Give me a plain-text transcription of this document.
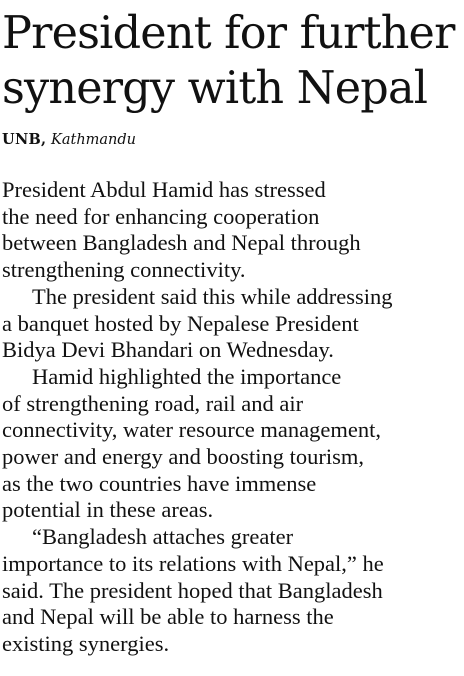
President for further
synergy with Nepal
UNB, Kathmandu
President Abdul Hamid has stressed
the need for enhancing cooperation
between Bangladesh and Nepal through
strengthening connectivity.
The president said this while addressing
a banquet hosted by Nepalese President
Bidya Devi Bhandari on Wednesday.
Hamid highlighted the importance
of strengthening road, rail and air
connectivity, water resource management,
power and energy and boosting tourism,
as the two countries have immense
potential in these areas.
“Bangladesh attaches greater
importance to its relations with Nepal,” he
said. The president hoped that Bangladesh
and Nepal will be able to harness the
existing synergies.
